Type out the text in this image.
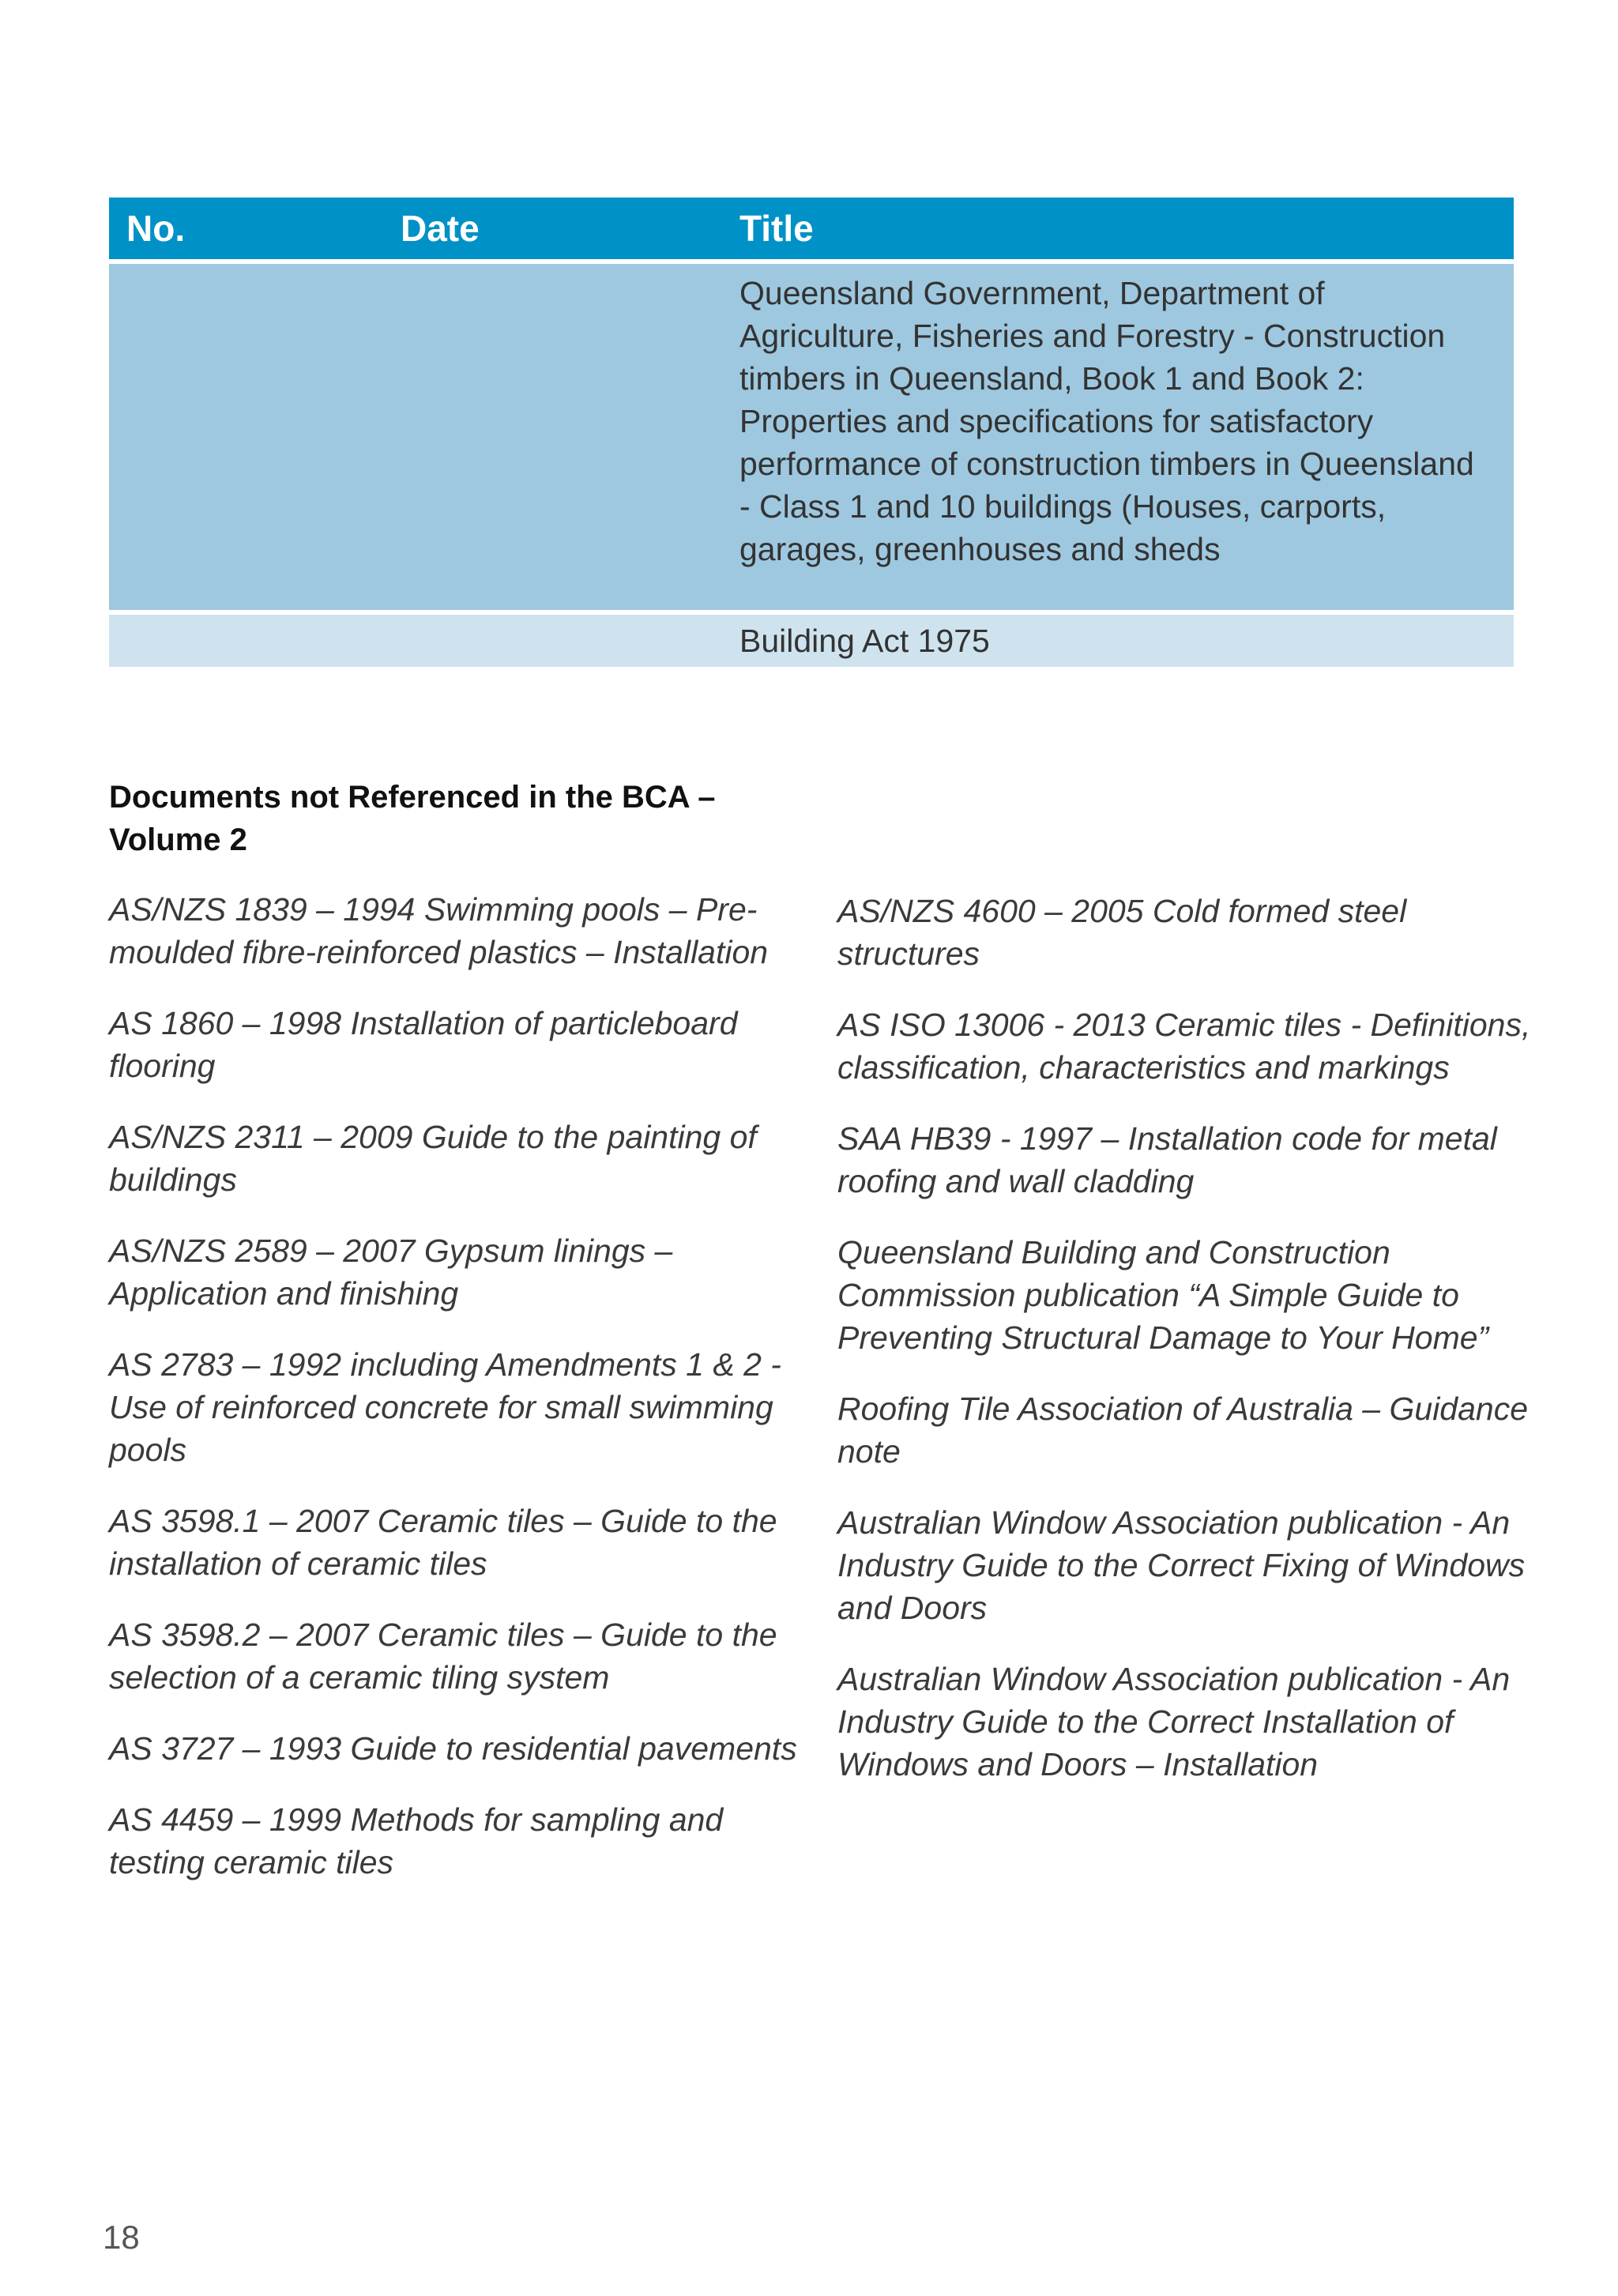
No.	Date	Title
Queensland Government, Department of Agriculture, Fisheries and Forestry - Construction timbers in Queensland, Book 1 and Book 2: Properties and specifications for satisfactory performance of construction timbers in Queensland - Class 1 and 10 buildings (Houses, carports, garages, greenhouses and sheds
Building Act 1975
Documents not Referenced in the BCA – Volume 2

AS/NZS 1839 – 1994 Swimming pools – Pre-moulded fibre-reinforced plastics – Installation

AS 1860 – 1998 Installation of particleboard flooring

AS/NZS 2311 – 2009 Guide to the painting of buildings

AS/NZS 2589 – 2007 Gypsum linings – Application and finishing

AS 2783 – 1992 including Amendments 1 & 2 - Use of reinforced concrete for small swimming pools

AS 3598.1 – 2007 Ceramic tiles – Guide to the installation of ceramic tiles

AS 3598.2 – 2007 Ceramic tiles – Guide to the selection of a ceramic tiling system

AS 3727 – 1993 Guide to residential pavements

AS 4459 – 1999 Methods for sampling and testing ceramic tiles

AS/NZS 4600 – 2005 Cold formed steel structures

AS ISO 13006 - 2013 Ceramic tiles - Definitions, classification, characteristics and markings

SAA HB39 - 1997 – Installation code for metal roofing and wall cladding

Queensland Building and Construction Commission publication “A Simple Guide to Preventing Structural Damage to Your Home”

Roofing Tile Association of Australia – Guidance note

Australian Window Association publication - An Industry Guide to the Correct Fixing of Windows and Doors

Australian Window Association publication - An Industry Guide to the Correct Installation of Windows and Doors – Installation

18
